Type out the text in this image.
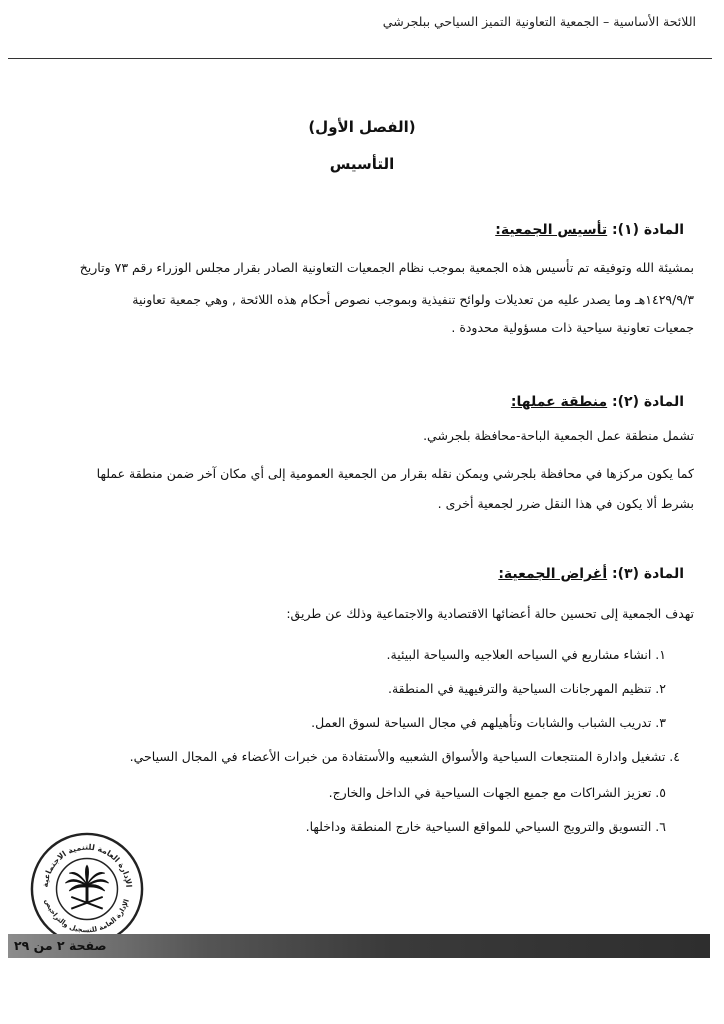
اللائحة الأساسية – الجمعية التعاونية التميز السياحي ببلجرشي
(الفصل الأول)
التأسيس
المادة (١): تأسيس الجمعية:

بمشيئة الله وتوفيقه تم تأسيس هذه الجمعية بموجب نظام الجمعيات التعاونية الصادر بقرار مجلس الوزراء رقم ٧٣ وتاريخ

١٤٢٩/٩/٣هـ وما يصدر عليه من تعديلات ولوائح تنفيذية وبموجب نصوص أحكام هذه اللائحة , وهي جمعية تعاونية

جمعيات تعاونية سياحية ذات مسؤولية محدودة .

المادة (٢): منطقة عملها:

تشمل منطقة عمل الجمعية الباحة-محافظة بلجرشي.

كما يكون مركزها في محافظة بلجرشي ويمكن نقله بقرار من الجمعية العمومية إلى أي مكان آخر ضمن منطقة عملها

بشرط ألا يكون في هذا النقل ضرر لجمعية أخرى .

المادة (٣): أغراض الجمعية:

تهدف الجمعية إلى تحسين حالة أعضائها الاقتصادية والاجتماعية وذلك عن طريق:

١. انشاء مشاريع في السياحه العلاجيه والسياحة البيئية.
٢. تنظيم المهرجانات السياحية والترفيهية في المنطقة.
٣. تدريب الشباب والشابات وتأهيلهم في مجال السياحة لسوق العمل.
٤. تشغيل وادارة المنتجعات السياحية والأسواق الشعبيه والأستفادة من خبرات الأعضاء في المجال السياحي.
٥. تعزيز الشراكات مع جميع الجهات السياحية في الداخل والخارج.
٦. التسويق والترويج السياحي للمواقع السياحية خارج المنطقة وداخلها.
الإدارة العامة للتنمية الاجتماعية
الإدارة العامة للتسجيل والتراخيص
صفحة ٢ من ٢٩
